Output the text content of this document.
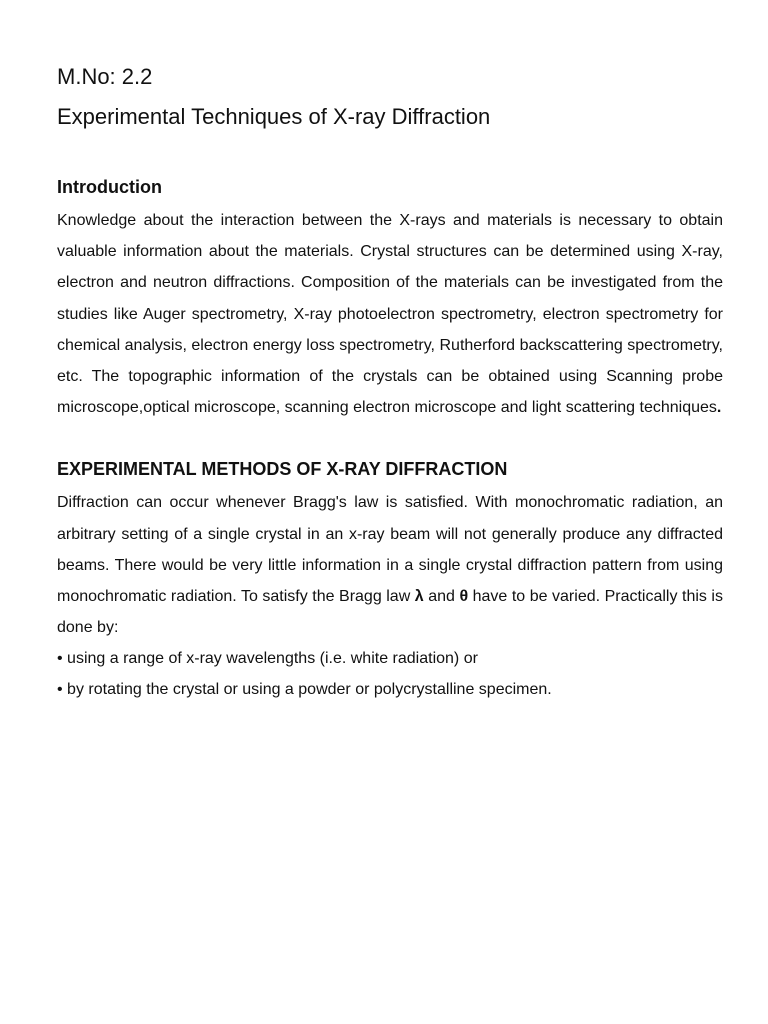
M.No: 2.2
Experimental Techniques of X-ray Diffraction
Introduction

Knowledge about the interaction between the X-rays and materials is necessary to obtain valuable information about the materials. Crystal structures can be determined using X-ray, electron and neutron diffractions. Composition of the materials can be investigated from the studies like Auger spectrometry, X-ray photoelectron spectrometry, electron spectrometry for chemical analysis, electron energy loss spectrometry, Rutherford backscattering spectrometry, etc. The topographic information of the crystals can be obtained using Scanning probe microscope,optical microscope, scanning electron microscope and light scattering techniques.

EXPERIMENTAL METHODS OF X-RAY DIFFRACTION

Diffraction can occur whenever Bragg's law is satisfied. With monochromatic radiation, an arbitrary setting of a single crystal in an x-ray beam will not generally produce any diffracted beams. There would be very little information in a single crystal diffraction pattern from using monochromatic radiation. To satisfy the Bragg law λ and θ have to be varied. Practically this is done by:

• using a range of x-ray wavelengths (i.e. white radiation) or
• by rotating the crystal or using a powder or polycrystalline specimen.
